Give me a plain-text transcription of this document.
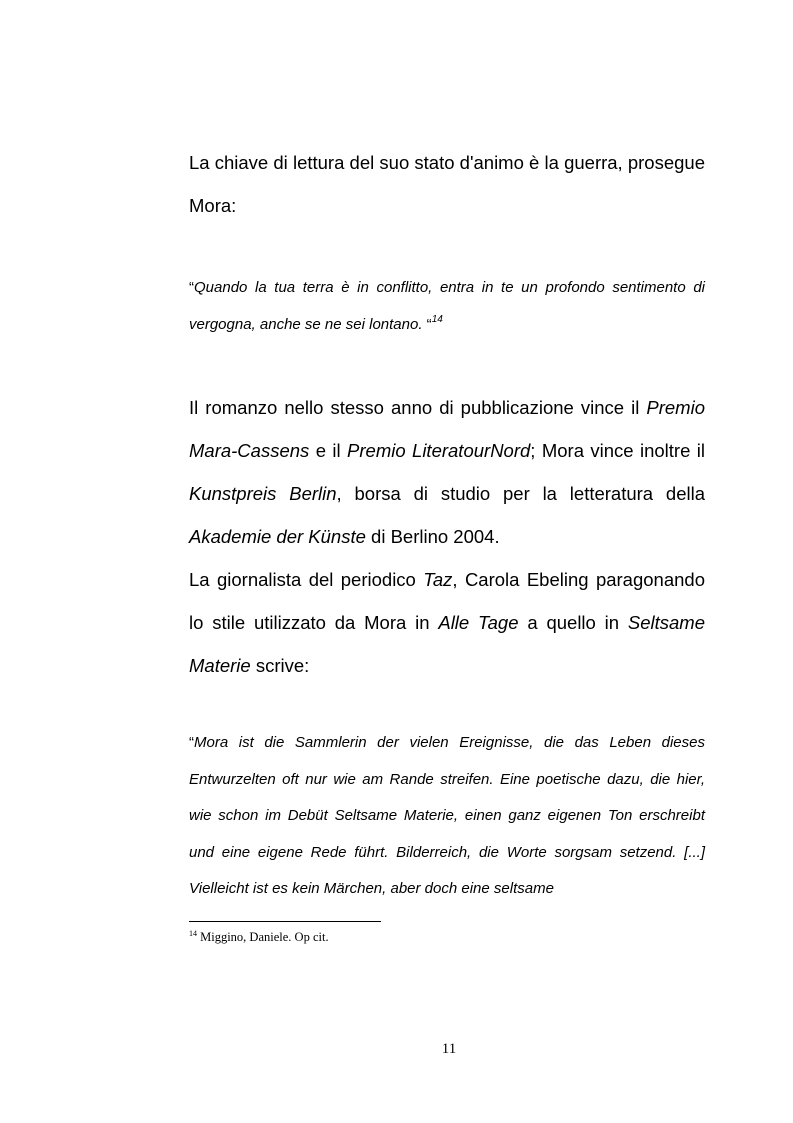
La chiave di lettura del suo stato d'animo è la guerra, prosegue Mora:
“Quando la tua terra è in conflitto, entra in te un profondo sentimento di vergogna, anche se ne sei lontano. “$^{14}$
Il romanzo nello stesso anno di pubblicazione vince il Premio Mara-Cassens e il Premio LiteratourNord; Mora vince inoltre il Kunstpreis Berlin, borsa di studio per la letteratura della Akademie der Künste di Berlino 2004.
La giornalista del periodico Taz, Carola Ebeling paragonando lo stile utilizzato da Mora in Alle Tage a quello in Seltsame Materie scrive:
“Mora ist die Sammlerin der vielen Ereignisse, die das Leben dieses Entwurzelten oft nur wie am Rande streifen. Eine poetische dazu, die hier, wie schon im Debüt Seltsame Materie, einen ganz eigenen Ton erschreibt und eine eigene Rede führt. Bilderreich, die Worte sorgsam setzend. [...] Vielleicht ist es kein Märchen, aber doch eine seltsame

$^{14}$ Miggino, Daniele. Op cit.

11
